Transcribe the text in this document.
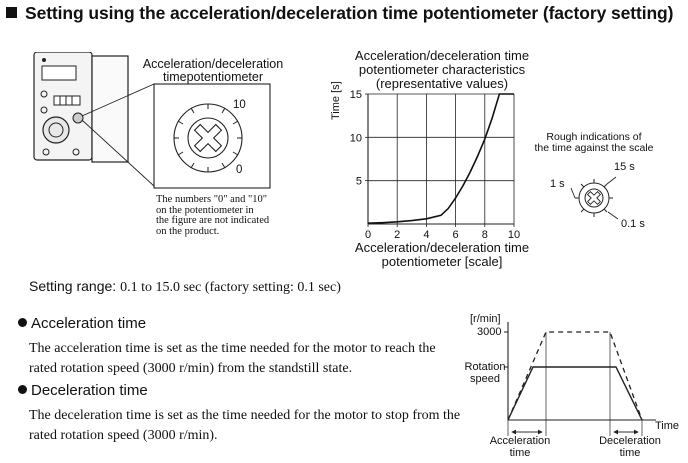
Setting using the acceleration/deceleration time potentiometer (factory setting)
Acceleration/deceleration
timepotentiometer
10
0
The numbers "0" and "10"
on the potentiometer in
the figure are not indicated
on the product.
Acceleration/deceleration time
potentiometer characteristics
(representative values)
0 2 4 6 8 10
5
10
15
Acceleration/deceleration time
potentiometer [scale]
Time [s]
Rough indications of
the time against the scale
15 s
1 s
0.1 s
Setting range: 0.1 to 15.0 sec (factory setting: 0.1 sec)
Acceleration time
The acceleration time is set as the time needed for the motor to reach the
rated rotation speed (3000 r/min) from the standstill state.
Deceleration time
The deceleration time is set as the time needed for the motor to stop from the
rated rotation speed (3000 r/min).
[r/min]
3000
Rotation
speed
Time
Acceleration
time
Deceleration
time
